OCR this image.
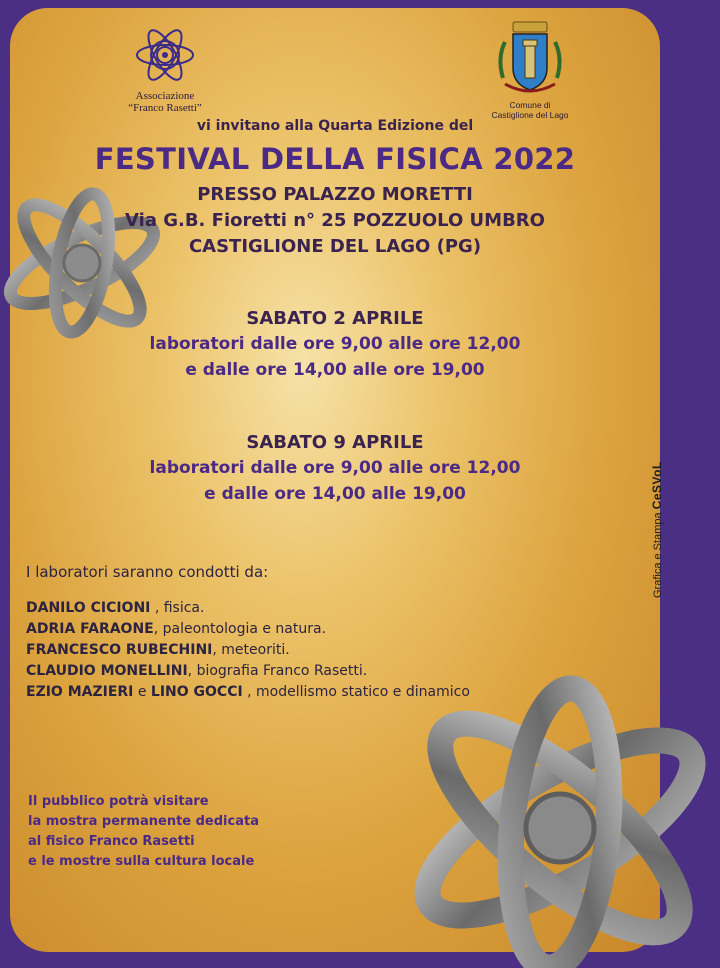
Associazione
“Franco Rasetti”	Comune di
Castiglione del Lago
vi invitano alla Quarta Edizione del
FESTIVAL DELLA FISICA 2022
PRESSO PALAZZO MORETTI
Via G.B. Fioretti n° 25 POZZUOLO UMBRO
CASTIGLIONE DEL LAGO (PG)
SABATO 2 APRILE
laboratori dalle ore 9,00 alle ore 12,00
e dalle ore 14,00 alle ore 19,00
SABATO 9 APRILE
laboratori dalle ore 9,00 alle ore 12,00
e dalle ore 14,00 alle 19,00
I laboratori saranno condotti da:
DANILO CICIONI , fisica.
ADRIA FARAONE, paleontologia e natura.
FRANCESCO RUBECHINI, meteoriti.
CLAUDIO MONELLINI, biografia Franco Rasetti.
EZIO MAZIERI e LINO GOCCI , modellismo statico e dinamico
Il pubblico potrà visitare
la mostra permanente dedicata
al fisico Franco Rasetti
e le mostre sulla cultura locale
Grafica e Stampa CeSVoL
